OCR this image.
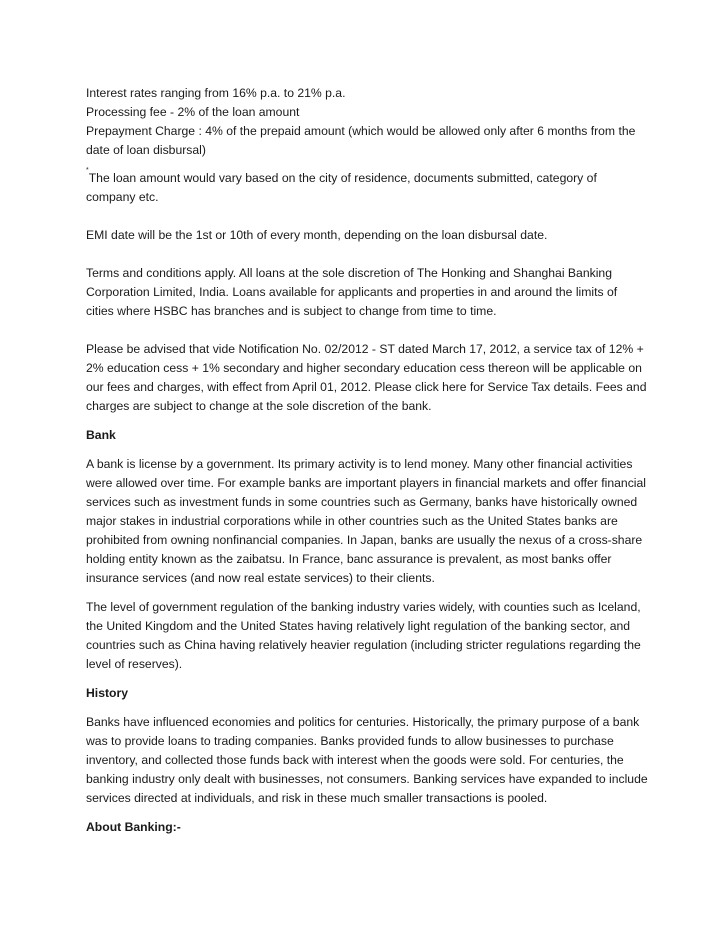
Interest rates ranging from 16% p.a. to 21% p.a.
Processing fee - 2% of the loan amount
Prepayment Charge : 4% of the prepaid amount (which would be allowed only after 6 months from the
date of loan disbursal)
*The loan amount would vary based on the city of residence, documents submitted, category of
company etc.
EMI date will be the 1st or 10th of every month, depending on the loan disbursal date.
Terms and conditions apply. All loans at the sole discretion of The Honking and Shanghai Banking
Corporation Limited, India. Loans available for applicants and properties in and around the limits of
cities where HSBC has branches and is subject to change from time to time.
Please be advised that vide Notification No. 02/2012 - ST dated March 17, 2012, a service tax of 12% +
2% education cess + 1% secondary and higher secondary education cess thereon will be applicable on
our fees and charges, with effect from April 01, 2012. Please click here for Service Tax details. Fees and
charges are subject to change at the sole discretion of the bank.
Bank
A bank is license by a government. Its primary activity is to lend money. Many other financial activities
were allowed over time. For example banks are important players in financial markets and offer financial
services such as investment funds in some countries such as Germany, banks have historically owned
major stakes in industrial corporations while in other countries such as the United States banks are
prohibited from owning nonfinancial companies. In Japan, banks are usually the nexus of a cross-share
holding entity known as the zaibatsu. In France, banc assurance is prevalent, as most banks offer
insurance services (and now real estate services) to their clients.
The level of government regulation of the banking industry varies widely, with counties such as Iceland,
the United Kingdom and the United States having relatively light regulation of the banking sector, and
countries such as China having relatively heavier regulation (including stricter regulations regarding the
level of reserves).
History
Banks have influenced economies and politics for centuries. Historically, the primary purpose of a bank
was to provide loans to trading companies. Banks provided funds to allow businesses to purchase
inventory, and collected those funds back with interest when the goods were sold. For centuries, the
banking industry only dealt with businesses, not consumers. Banking services have expanded to include
services directed at individuals, and risk in these much smaller transactions is pooled.
About Banking:-
